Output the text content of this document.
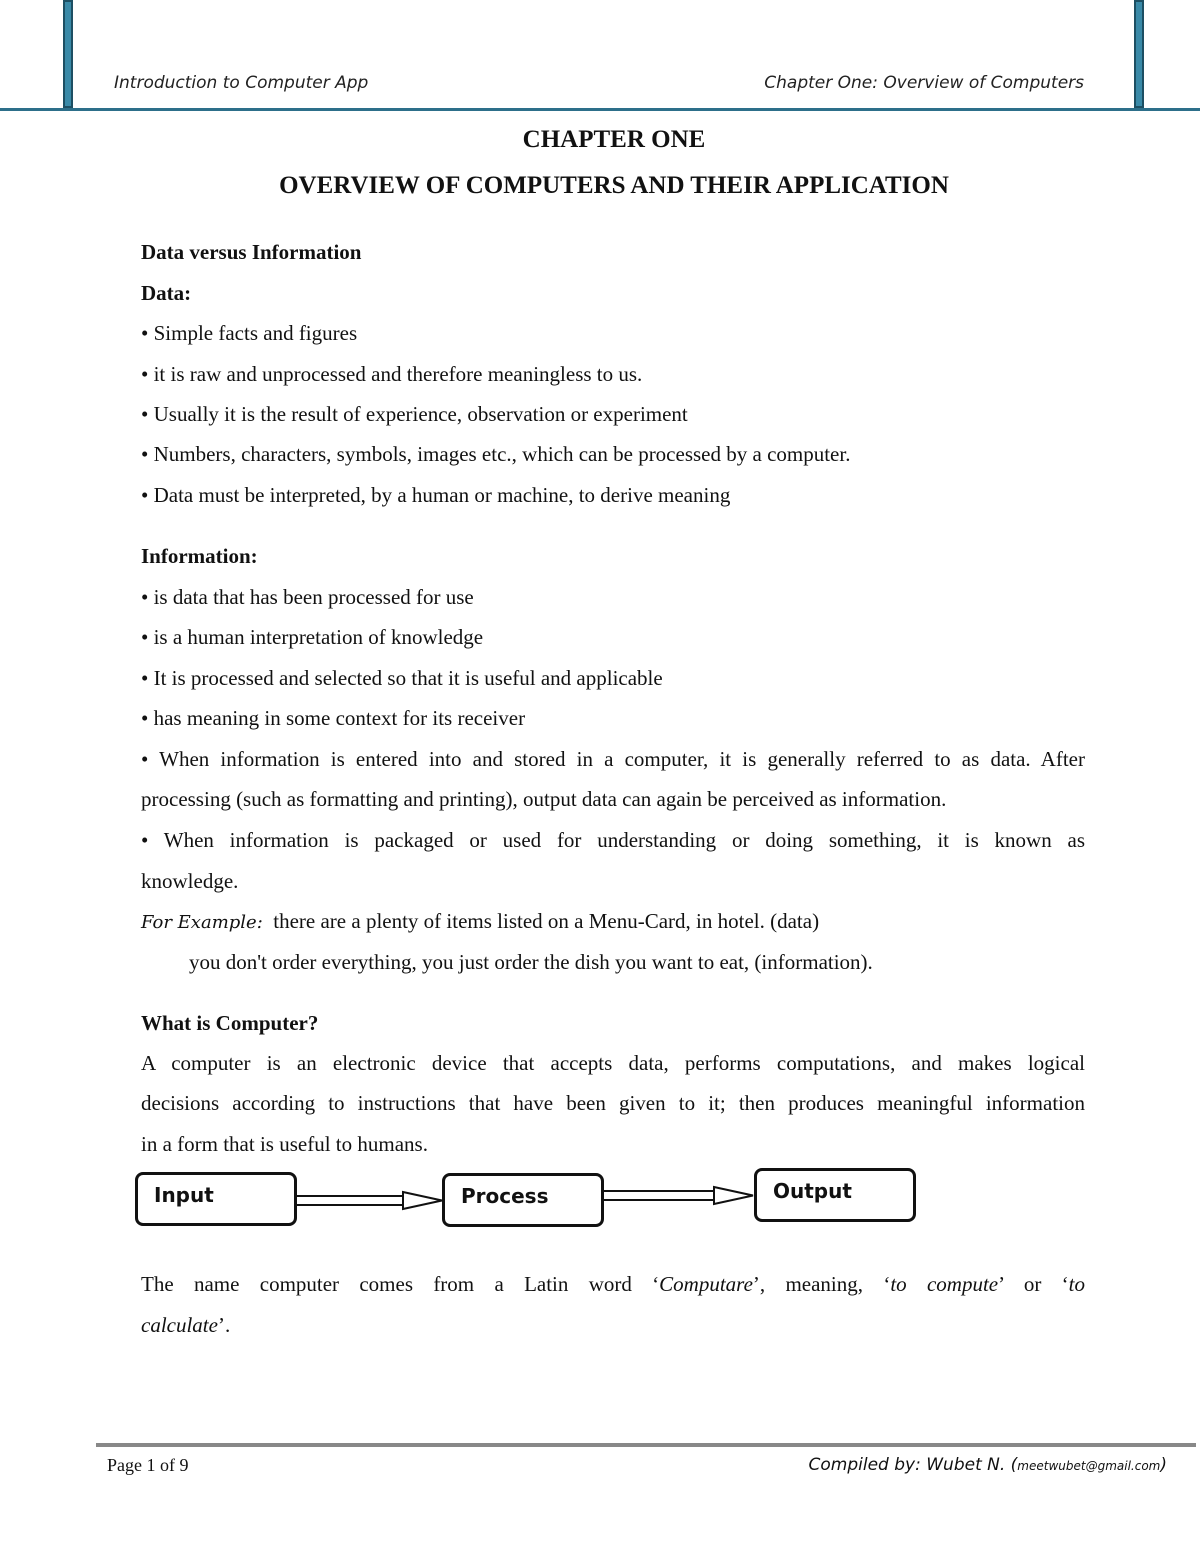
Introduction to Computer App	Chapter One: Overview of Computers
CHAPTER ONE
OVERVIEW OF COMPUTERS AND THEIR APPLICATION
Data versus Information
Data:
• Simple facts and figures
• it is raw and unprocessed and therefore meaningless to us.
• Usually it is the result of experience, observation or experiment
• Numbers, characters, symbols, images etc., which can be processed by a computer.
• Data must be interpreted, by a human or machine, to derive meaning
Information:
• is data that has been processed for use
• is a human interpretation of knowledge
• It is processed and selected so that it is useful and applicable
• has meaning in some context for its receiver
• When information is entered into and stored in a computer, it is generally referred to as data. After
processing (such as formatting and printing), output data can again be perceived as information.
• When information is packaged or used for understanding or doing something, it is known as
knowledge.
For Example: there are a plenty of items listed on a Menu-Card, in hotel. (data)
you don't order everything, you just order the dish you want to eat, (information).
What is Computer?
A computer is an electronic device that accepts data, performs computations, and makes logical
decisions according to instructions that have been given to it; then produces meaningful information
in a form that is useful to humans.
Input	Process	Output
The name computer comes from a Latin word ‘Computare’, meaning, ‘to compute’ or ‘to
calculate’.
Page 1 of 9	Compiled by: Wubet N. (meetwubet@gmail.com)
